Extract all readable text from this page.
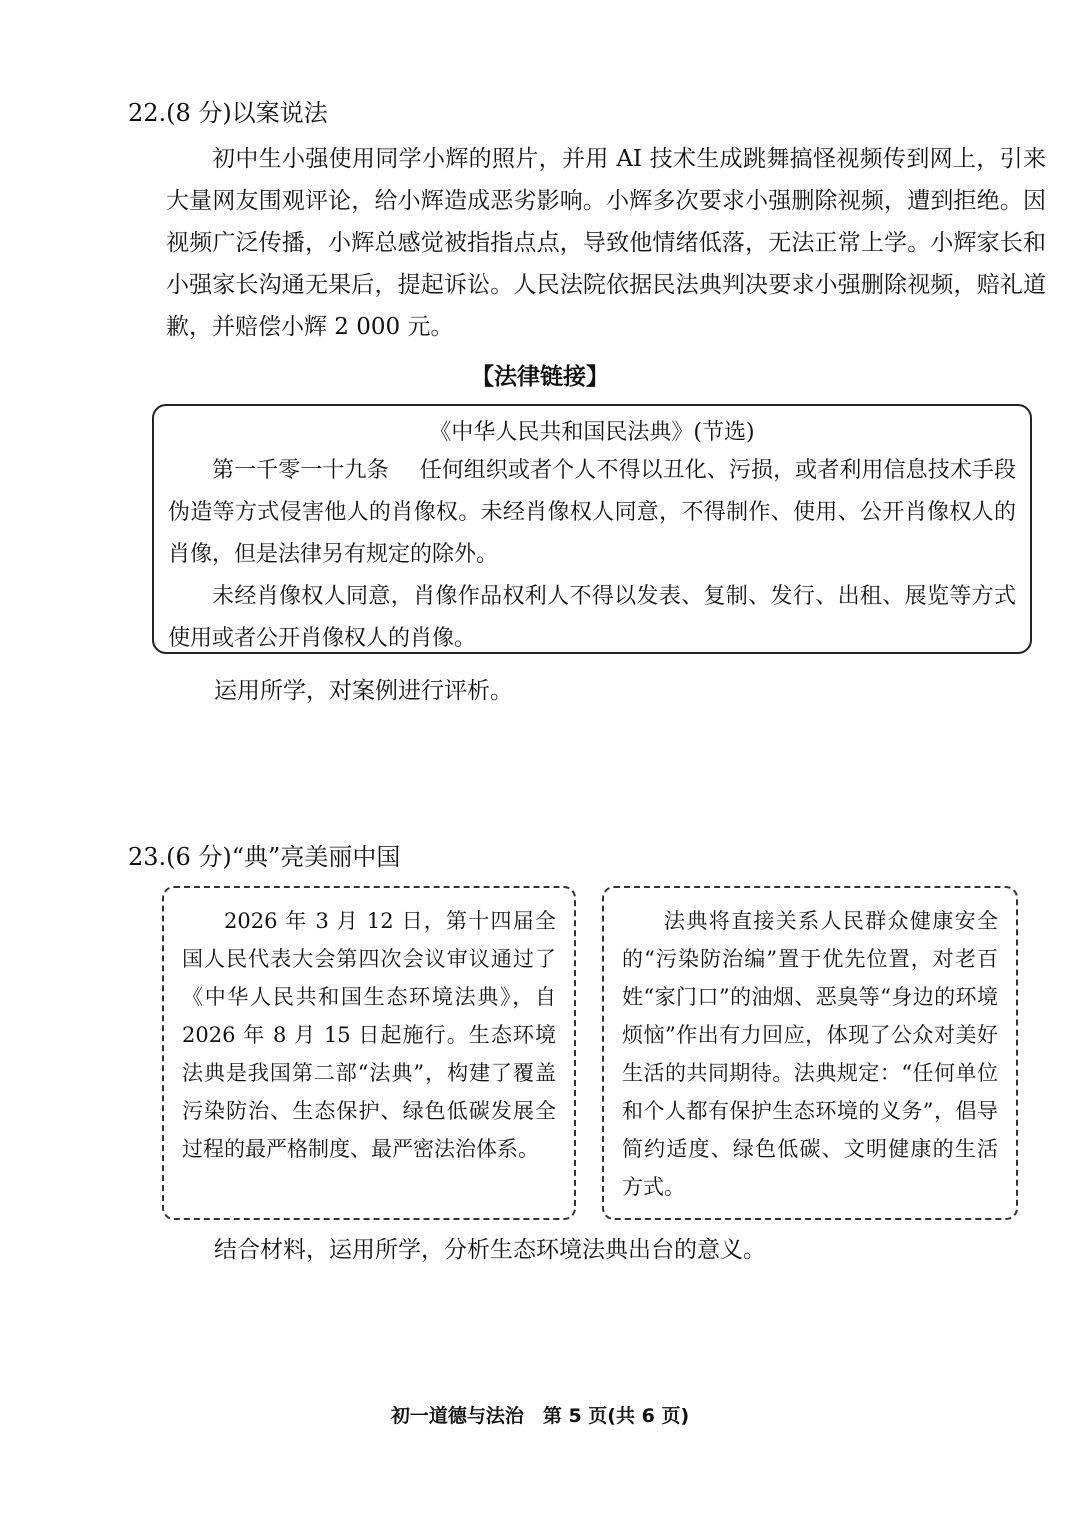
22.(8 分)以案说法

初中生小强使用同学小辉的照片，并用 AI 技术生成跳舞搞怪视频传到网上，引来大量网友围观评论，给小辉造成恶劣影响。小辉多次要求小强删除视频，遭到拒绝。因视频广泛传播，小辉总感觉被指指点点，导致他情绪低落，无法正常上学。小辉家长和小强家长沟通无果后，提起诉讼。人民法院依据民法典判决要求小强删除视频，赔礼道歉，并赔偿小辉 2 000 元。

【法律链接】
《中华人民共和国民法典》(节选)

第一千零一十九条 任何组织或者个人不得以丑化、污损，或者利用信息技术手段伪造等方式侵害他人的肖像权。未经肖像权人同意，不得制作、使用、公开肖像权人的肖像，但是法律另有规定的除外。

未经肖像权人同意，肖像作品权利人不得以发表、复制、发行、出租、展览等方式使用或者公开肖像权人的肖像。

运用所学，对案例进行评析。
23.(6 分)“典”亮美丽中国

2026 年 3 月 12 日，第十四届全国人民代表大会第四次会议审议通过了《中华人民共和国生态环境法典》，自 2026 年 8 月 15 日起施行。生态环境法典是我国第二部“法典”，构建了覆盖污染防治、生态保护、绿色低碳发展全过程的最严格制度、最严密法治体系。

法典将直接关系人民群众健康安全的“污染防治编”置于优先位置，对老百姓“家门口”的油烟、恶臭等“身边的环境烦恼”作出有力回应，体现了公众对美好生活的共同期待。法典规定：“任何单位和个人都有保护生态环境的义务”，倡导简约适度、绿色低碳、文明健康的生活方式。

结合材料，运用所学，分析生态环境法典出台的意义。
初一道德与法治　第 5 页(共 6 页)
